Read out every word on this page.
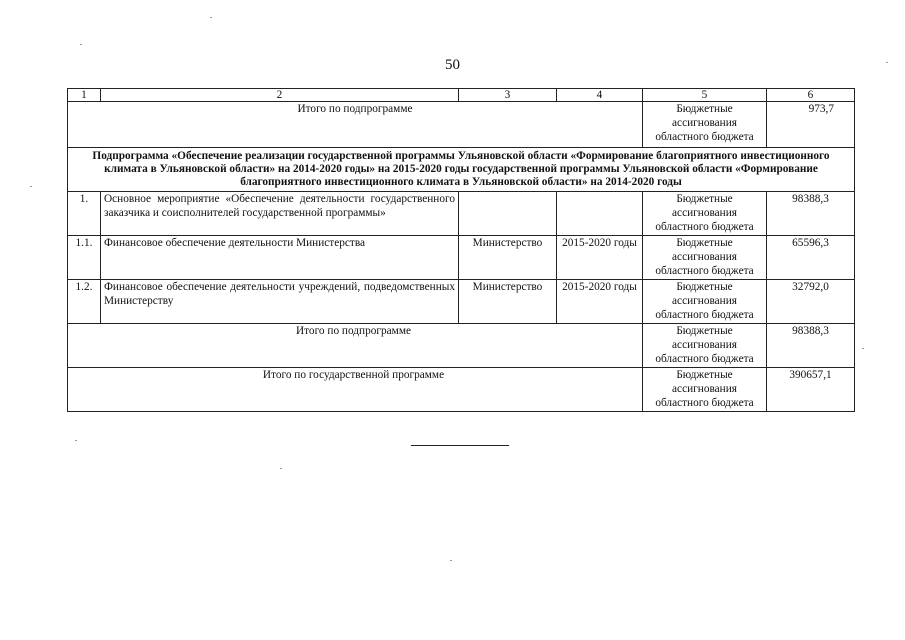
50
1	2	3	4	5	6
Итого по подпрограмме				Бюджетные ассигнования областного бюджета	973,7
Подпрограмма «Обеспечение реализации государственной программы Ульяновской области «Формирование благоприятного инвестиционного климата в Ульяновской области» на 2014-2020 годы» на 2015-2020 годы государственной программы Ульяновской области «Формирование благоприятного инвестиционного климата в Ульяновской области» на 2014-2020 годы					
1.	Основное мероприятие «Обеспечение деятельности государственного заказчика и соисполнителей государственной программы»			Бюджетные ассигнования областного бюджета	98388,3
1.1.	Финансовое обеспечение деятельности Министерства	Министерство	2015-2020 годы	Бюджетные ассигнования областного бюджета	65596,3
1.2.	Финансовое обеспечение деятельности учреждений, подведомственных Министерству	Министерство	2015-2020 годы	Бюджетные ассигнования областного бюджета	32792,0
Итого по подпрограмме				Бюджетные ассигнования областного бюджета	98388,3
Итого по государственной программе				Бюджетные ассигнования областного бюджета	390657,1
